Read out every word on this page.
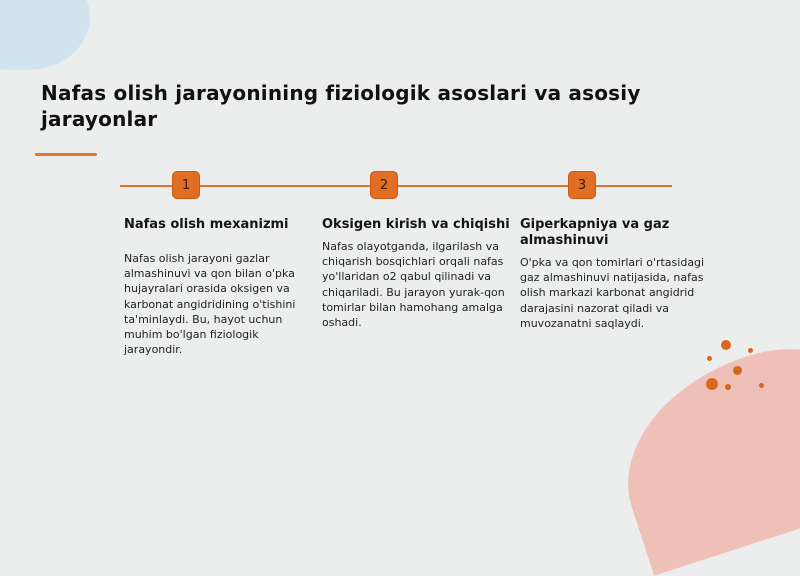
Nafas olish jarayonining fiziologik asoslari va asosiy jarayonlar
1	2	3
Nafas olish mexanizmi

Nafas olish jarayoni gazlar almashinuvi va qon bilan o'pka hujayralari orasida oksigen va karbonat angidridining o'tishini ta'minlaydi. Bu, hayot uchun muhim bo'lgan fiziologik jarayondir.

Oksigen kirish va chiqishi

Nafas olayotganda, ilgarilash va chiqarish bosqichlari orqali nafas yo'llaridan o2 qabul qilinadi va chiqariladi. Bu jarayon yurak-qon tomirlar bilan hamohang amalga oshadi.

Giperkapniya va gaz almashinuvi

O'pka va qon tomirlari o'rtasidagi gaz almashinuvi natijasida, nafas olish markazi karbonat angidrid darajasini nazorat qiladi va muvozanatni saqlaydi.
